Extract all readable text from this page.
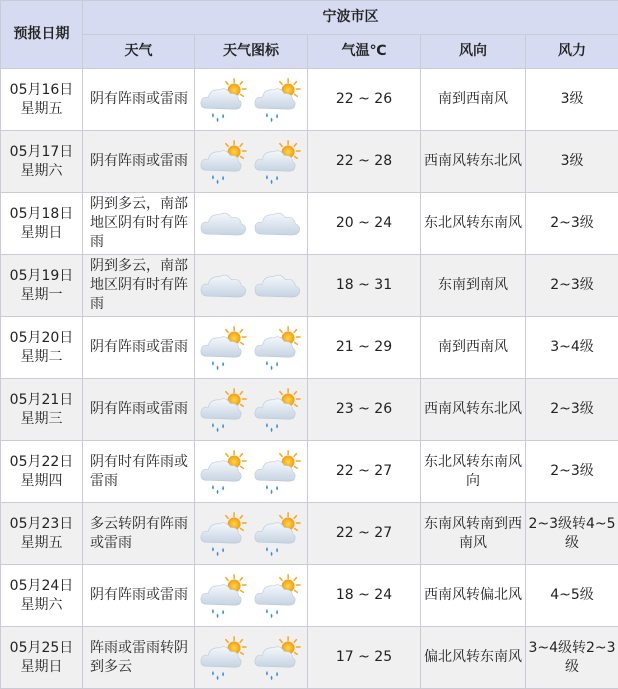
预报日期	宁波市区				
	天气	天气图标	气温℃	风向	风力

05月16日
星期五	阴有阵雨或雷雨		22 ~ 26	南到西南风	3级

05月17日
星期六	阴有阵雨或雷雨		22 ~ 28	西南风转东北风	3级

05月18日
星期日	阴到多云，南部地区阴有时有阵雨		20 ~ 24	东北风转东南风	2~3级

05月19日
星期一	阴到多云，南部地区阴有时有阵雨		18 ~ 31	东南到南风	2~3级

05月20日
星期二	阴有阵雨或雷雨		21 ~ 29	南到西南风	3~4级

05月21日
星期三	阴有阵雨或雷雨		23 ~ 26	西南风转东北风	2~3级

05月22日
星期四	阴有时有阵雨或雷雨		22 ~ 27	东北风转东南风向	2~3级

05月23日
星期五	多云转阴有阵雨或雷雨		22 ~ 27	东南风转南到西南风	2~3级转4~5级

05月24日
星期六	阴有阵雨或雷雨		18 ~ 24	西南风转偏北风	4~5级

05月25日
星期日	阵雨或雷雨转阴到多云		17 ~ 25	偏北风转东南风	3~4级转2~3级
